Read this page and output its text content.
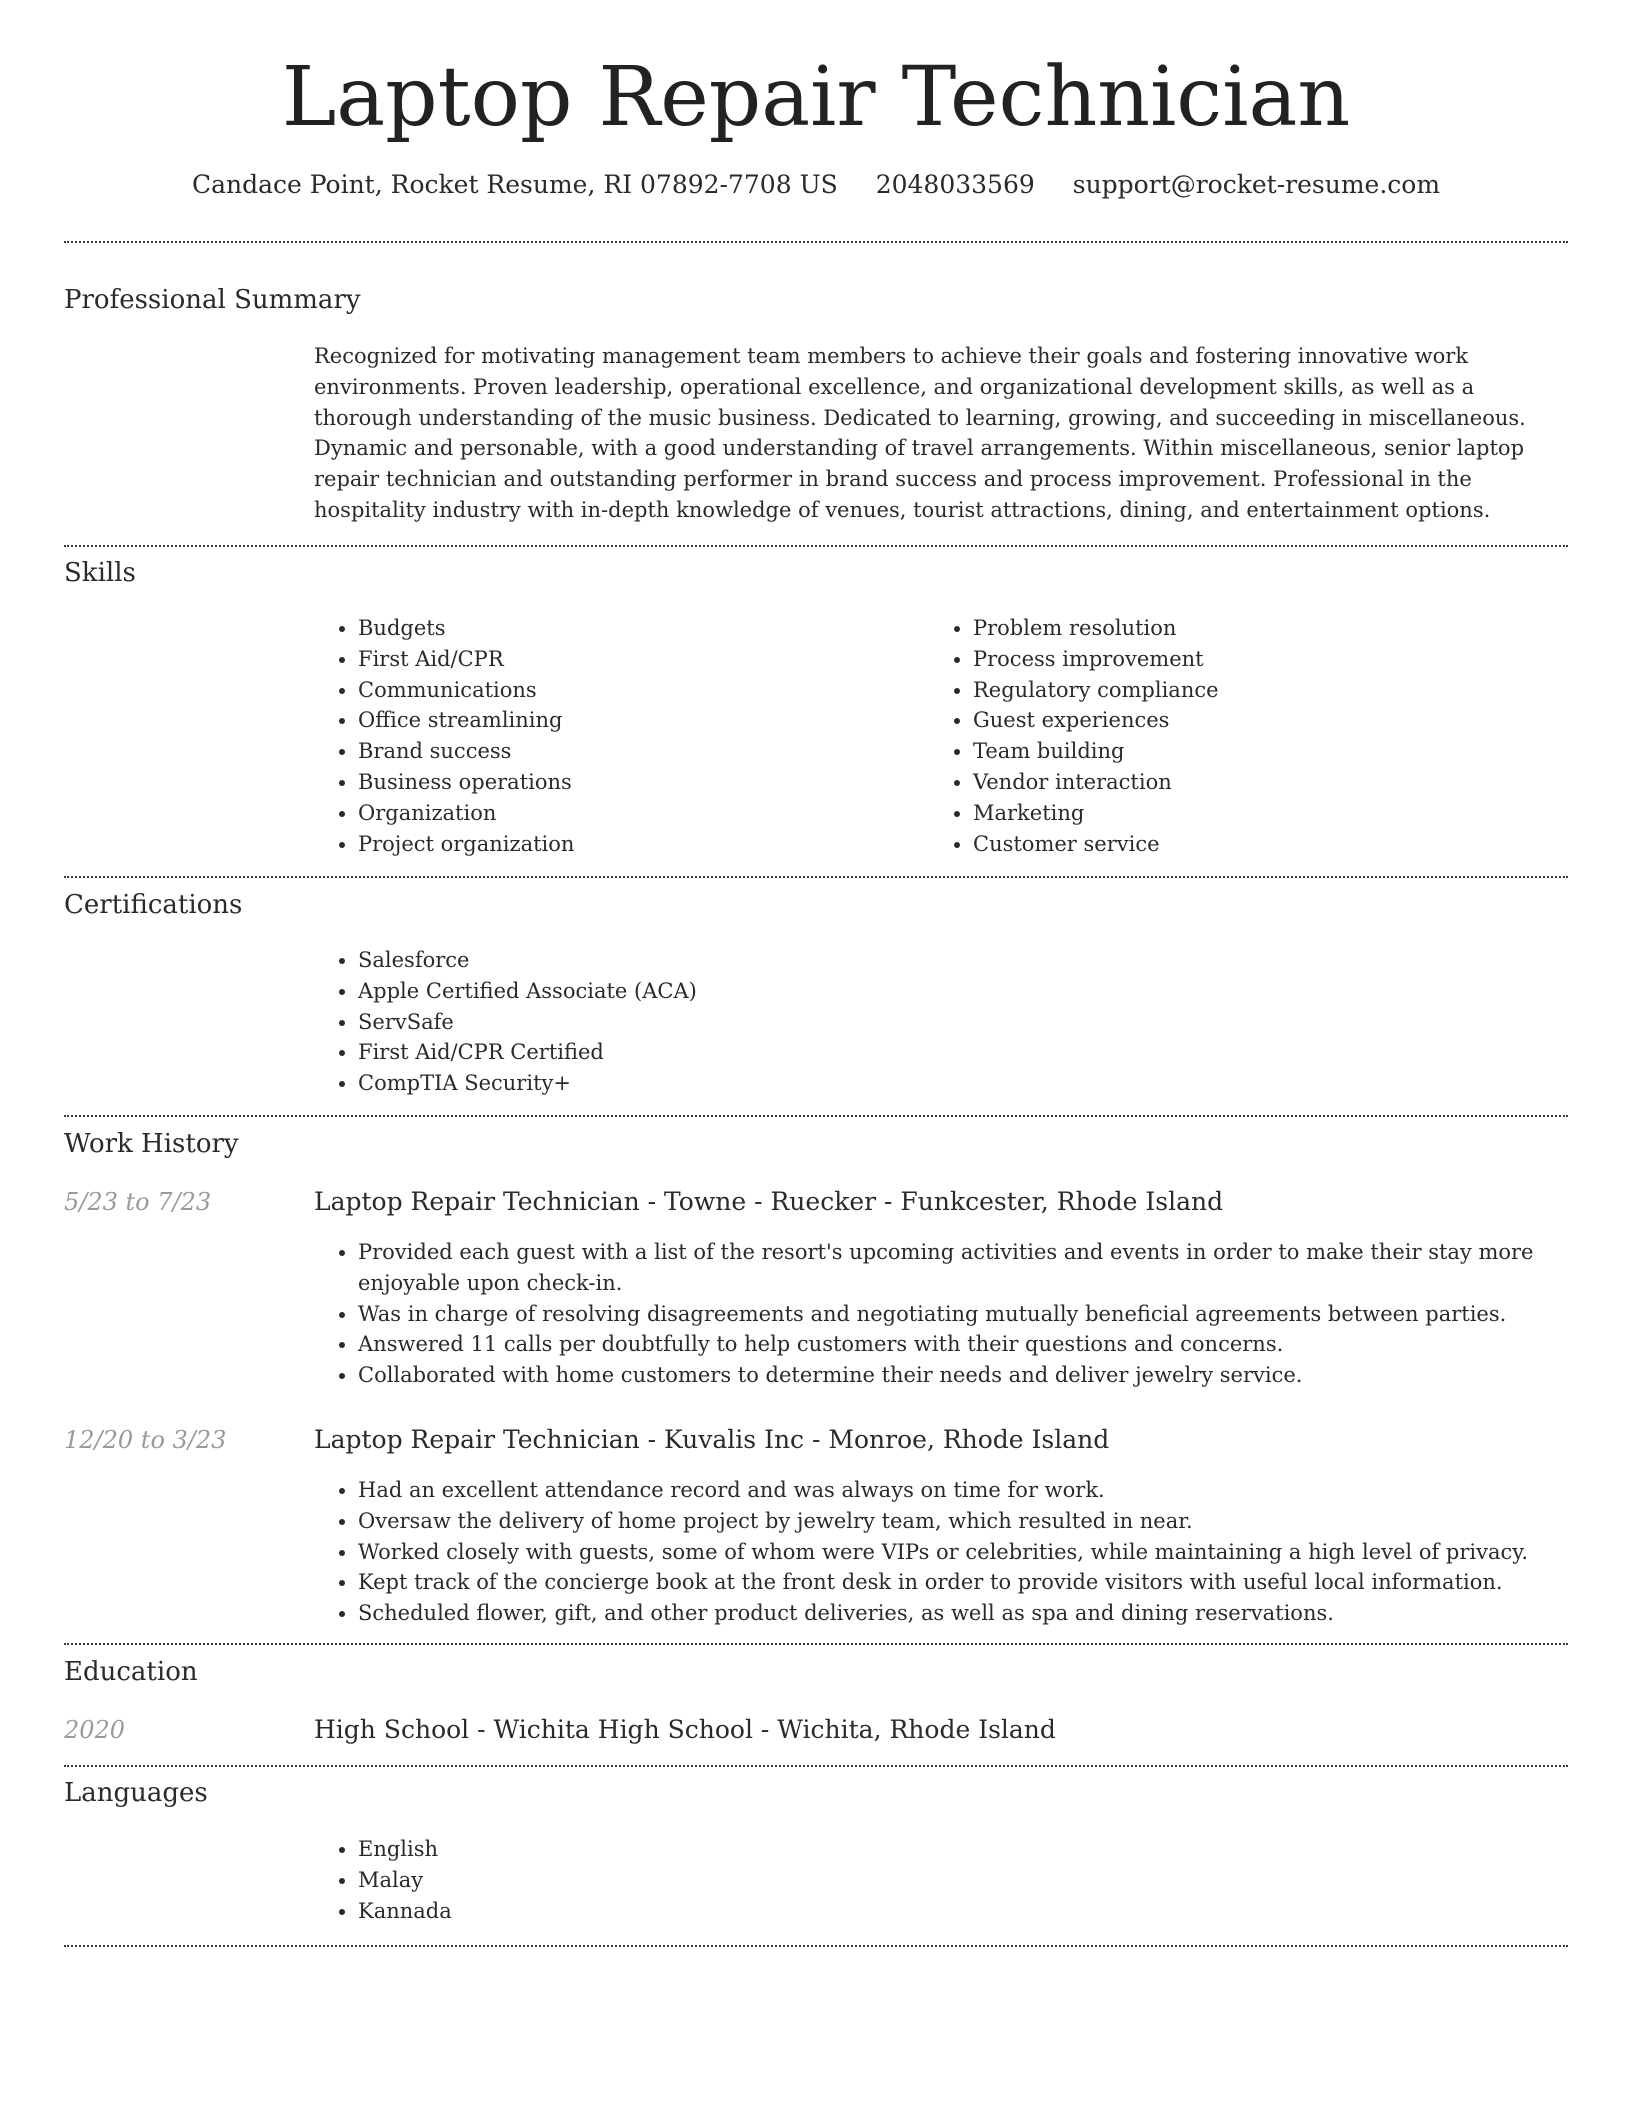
Laptop Repair Technician
Candace Point, Rocket Resume, RI 07892-7708 US 2048033569 support@rocket-resume.com
Professional Summary

Recognized for motivating management team members to achieve their goals and fostering innovative work environments. Proven leadership, operational excellence, and organizational development skills, as well as a thorough understanding of the music business. Dedicated to learning, growing, and succeeding in miscellaneous. Dynamic and personable, with a good understanding of travel arrangements. Within miscellaneous, senior laptop repair technician and outstanding performer in brand success and process improvement. Professional in the hospitality industry with in-depth knowledge of venues, tourist attractions, dining, and entertainment options.

Skills
• Budgets
• First Aid/CPR
• Communications
• Office streamlining
• Brand success
• Business operations
• Organization
• Project organization
• Problem resolution
• Process improvement
• Regulatory compliance
• Guest experiences
• Team building
• Vendor interaction
• Marketing
• Customer service
Certifications
• Salesforce
• Apple Certified Associate (ACA)
• ServSafe
• First Aid/CPR Certified
• CompTIA Security+
Work History
5/23 to 7/23	Laptop Repair Technician - Towne - Ruecker - Funkcester, Rhode Island
• Provided each guest with a list of the resort's upcoming activities and events in order to make their stay more enjoyable upon check-in.
• Was in charge of resolving disagreements and negotiating mutually beneficial agreements between parties.
• Answered 11 calls per doubtfully to help customers with their questions and concerns.
• Collaborated with home customers to determine their needs and deliver jewelry service.
12/20 to 3/23	Laptop Repair Technician - Kuvalis Inc - Monroe, Rhode Island
• Had an excellent attendance record and was always on time for work.
• Oversaw the delivery of home project by jewelry team, which resulted in near.
• Worked closely with guests, some of whom were VIPs or celebrities, while maintaining a high level of privacy.
• Kept track of the concierge book at the front desk in order to provide visitors with useful local information.
• Scheduled flower, gift, and other product deliveries, as well as spa and dining reservations.
Education
2020	High School - Wichita High School - Wichita, Rhode Island
Languages
• English
• Malay
• Kannada
